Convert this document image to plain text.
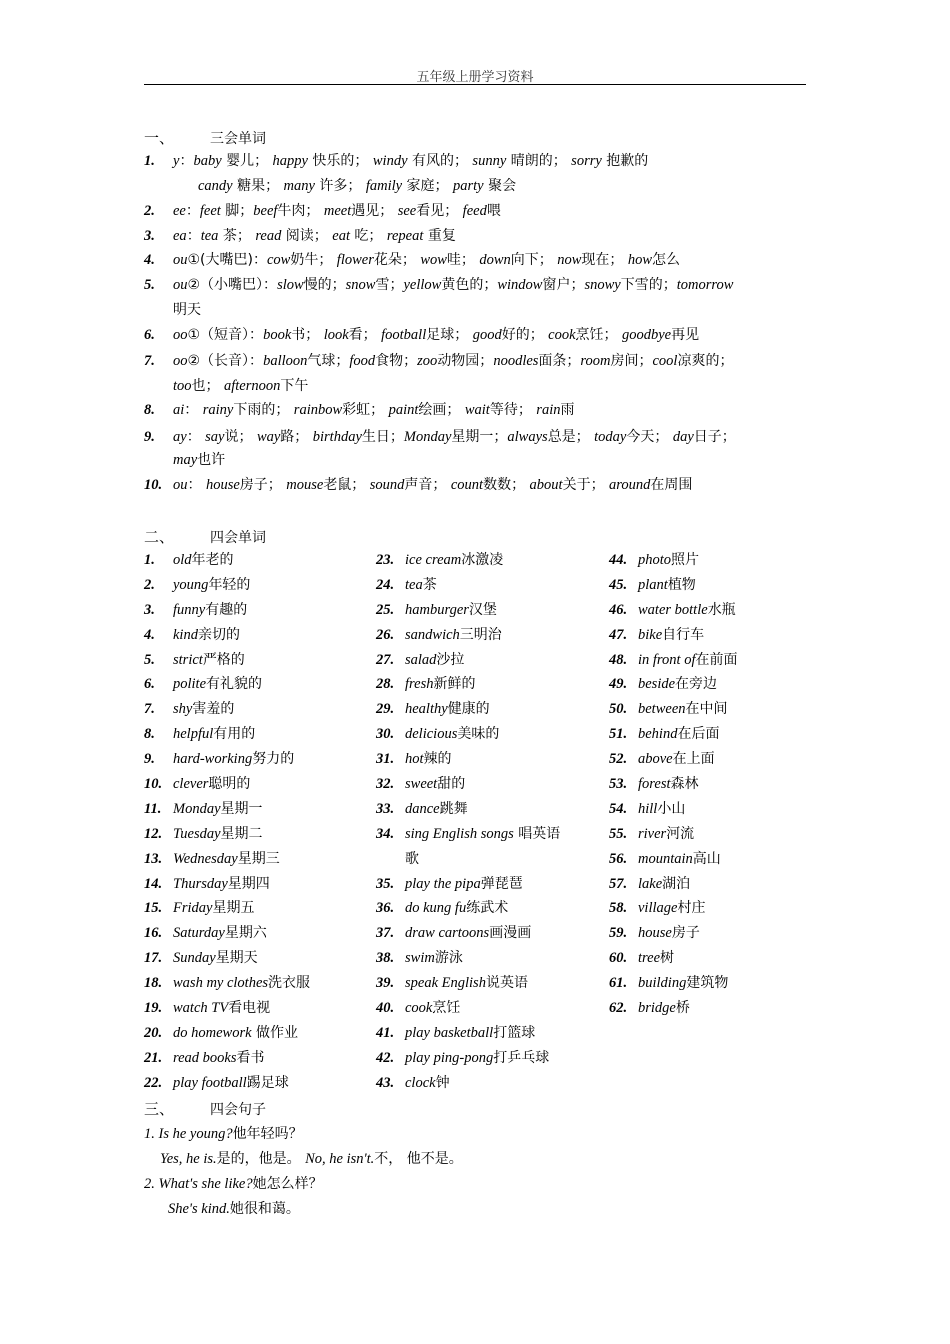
五年级上册学习资料
一、	三会单词
1. y：baby 婴儿； happy 快乐的； windy 有风的； sunny 晴朗的； sorry 抱歉的
candy 糖果； many 许多； family 家庭； party 聚会
2. ee：feet 脚；beef牛肉； meet遇见； see看见； feed喂
3. ea：tea 茶； read 阅读； eat 吃； repeat 重复
4. ou①(大嘴巴)：cow奶牛； flower花朵； wow哇； down向下； now现在； how怎么
5. ou②（小嘴巴）：slow慢的；snow雪；yellow黄色的；window窗户；snowy下雪的；tomorrow
明天
6. oo①（短音）：book书； look看； football足球； good好的； cook烹饪； goodbye再见
7. oo②（长音）：balloon气球；food食物；zoo动物园；noodles面条；room房间；cool凉爽的；
too也； afternoon下午
8. ai： rainy下雨的； rainbow彩虹； paint绘画； wait等待； rain雨
9. ay： say说； way路； birthday生日；Monday星期一；always总是； today今天； day日子；
may也许
10. ou： house房子； mouse老鼠； sound声音； count数数； about关于； around在周围
二、	四会单词
1. old年老的
2. young年轻的
3. funny有趣的
4. kind亲切的
5. strict严格的
6. polite有礼貌的
7. shy害羞的
8. helpful有用的
9. hard-working努力的
10. clever聪明的
11. Monday星期一
12. Tuesday星期二
13. Wednesday星期三
14. Thursday星期四
15. Friday星期五
16. Saturday星期六
17. Sunday星期天
18. wash my clothes洗衣服
19. watch TV看电视
20. do homework 做作业
21. read books看书
22. play football踢足球
23. ice cream冰激凌
24. tea茶
25. hamburger汉堡
26. sandwich三明治
27. salad沙拉
28. fresh新鲜的
29. healthy健康的
30. delicious美味的
31. hot辣的
32. sweet甜的
33. dance跳舞
34. sing English songs 唱英语
歌
35. play the pipa弹琵琶
36. do kung fu练武术
37. draw cartoons画漫画
38. swim游泳
39. speak English说英语
40. cook烹饪
41. play basketball打篮球
42. play ping-pong打乒乓球
43. clock钟
44. photo照片
45. plant植物
46. water bottle水瓶
47. bike自行车
48. in front of在前面
49. beside在旁边
50. between在中间
51. behind在后面
52. above在上面
53. forest森林
54. hill小山
55. river河流
56. mountain高山
57. lake湖泊
58. village村庄
59. house房子
60. tree树
61. building建筑物
62. bridge桥
三、	四会句子
1. Is he young?他年轻吗？
Yes, he is.是的，他是。 No, he isn't.不， 他不是。
2. What's she like?她怎么样？
She's kind.她很和蔼。
